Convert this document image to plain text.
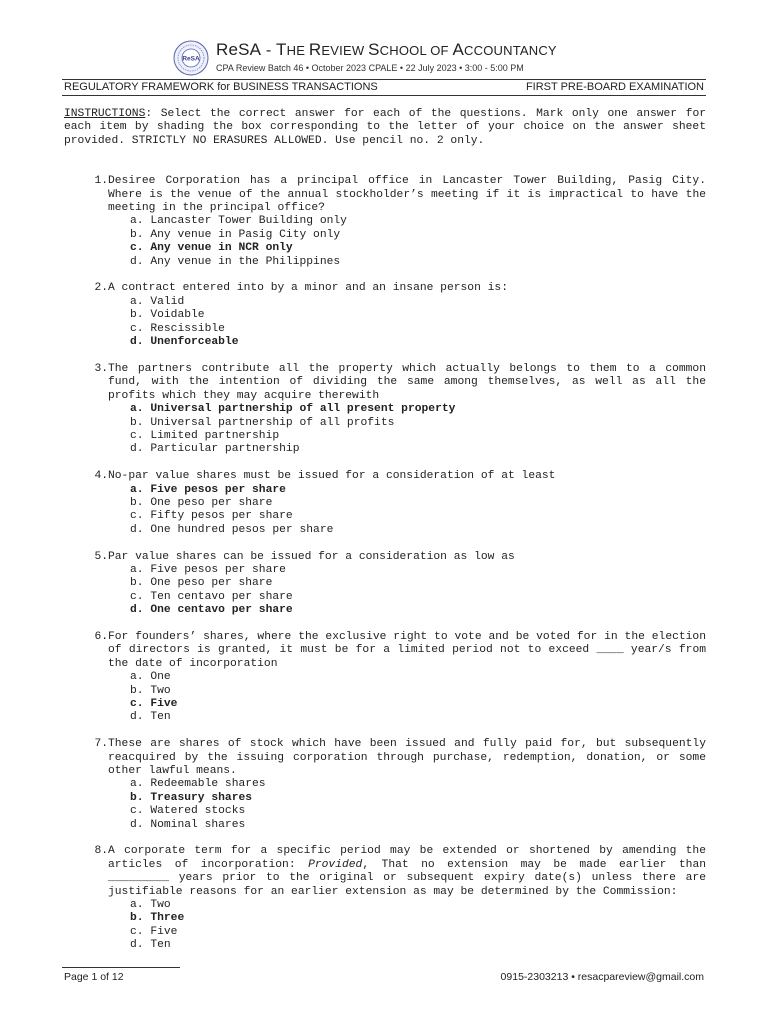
ReSA ReSA - THE REVIEW SCHOOL OF ACCOUNTANCY
CPA Review Batch 46 • October 2023 CPALE • 22 July 2023 • 3:00 - 5:00 PM
REGULATORY FRAMEWORK for BUSINESS TRANSACTIONS	FIRST PRE-BOARD EXAMINATION

INSTRUCTIONS: Select the correct answer for each of the questions. Mark only one answer for each item by shading the box corresponding to the letter of your choice on the answer sheet provided. STRICTLY NO ERASURES ALLOWED. Use pencil no. 2 only.

1. Desiree Corporation has a principal office in Lancaster Tower Building, Pasig City. Where is the venue of the annual stockholder’s meeting if it is impractical to have the meeting in the principal office?

a. Lancaster Tower Building only
b. Any venue in Pasig City only
c. Any venue in NCR only
d. Any venue in the Philippines
2. A contract entered into by a minor and an insane person is:

a. Valid
b. Voidable
c. Rescissible
d. Unenforceable
3. The partners contribute all the property which actually belongs to them to a common fund, with the intention of dividing the same among themselves, as well as all the profits which they may acquire therewith

a. Universal partnership of all present property
b. Universal partnership of all profits
c. Limited partnership
d. Particular partnership
4. No-par value shares must be issued for a consideration of at least

a. Five pesos per share
b. One peso per share
c. Fifty pesos per share
d. One hundred pesos per share
5. Par value shares can be issued for a consideration as low as

a. Five pesos per share
b. One peso per share
c. Ten centavo per share
d. One centavo per share
6. For founders’ shares, where the exclusive right to vote and be voted for in the election of directors is granted, it must be for a limited period not to exceed ____ year/s from the date of incorporation

a. One
b. Two
c. Five
d. Ten
7. These are shares of stock which have been issued and fully paid for, but subsequently reacquired by the issuing corporation through purchase, redemption, donation, or some other lawful means.

a. Redeemable shares
b. Treasury shares
c. Watered stocks
d. Nominal shares
8. A corporate term for a specific period may be extended or shortened by amending the articles of incorporation: Provided, That no extension may be made earlier than _________ years prior to the original or subsequent expiry date(s) unless there are justifiable reasons for an earlier extension as may be determined by the Commission:

a. Two
b. Three
c. Five
d. Ten
Page 1 of 12	0915-2303213 • resacpareview@gmail.com
